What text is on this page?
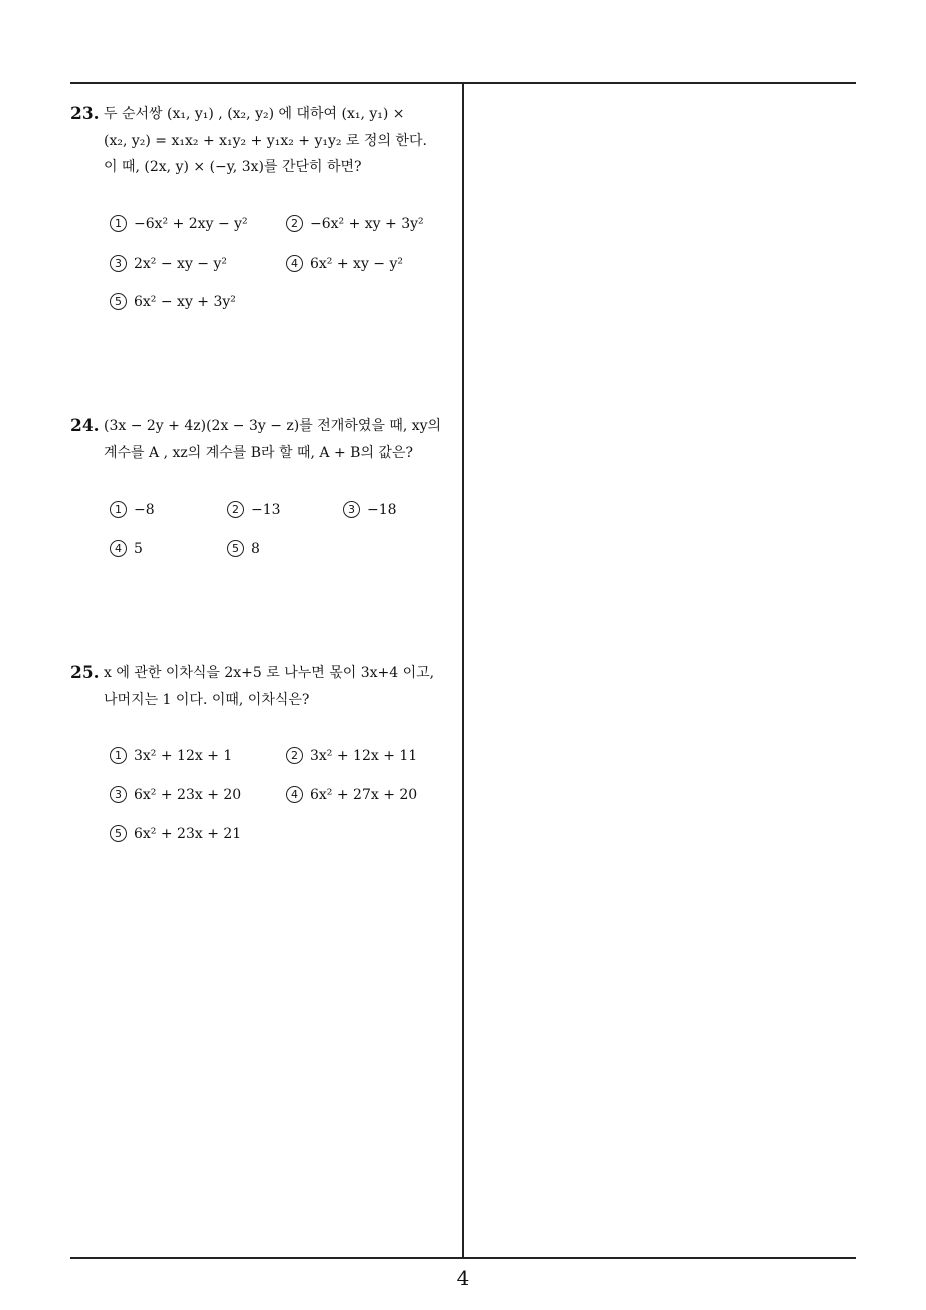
23. 두 순서쌍 (x₁, y₁) , (x₂, y₂) 에 대하여 (x₁, y₁) ×
(x₂, y₂) = x₁x₂ + x₁y₂ + y₁x₂ + y₁y₂ 로 정의 한다.
이 때, (2x, y) × (−y, 3x)를 간단히 하면?
1 −6x² + 2xy − y²	2 −6x² + xy + 3y²
3 2x² − xy − y²	4 6x² + xy − y²
5 6x² − xy + 3y²
24. (3x − 2y + 4z)(2x − 3y − z)를 전개하였을 때, xy의
계수를 A , xz의 계수를 B라 할 때, A + B의 값은?
1 −8	2 −13	3 −18
4 5	5 8
25. x 에 관한 이차식을 2x+5 로 나누면 몫이 3x+4 이고,
나머지는 1 이다. 이때, 이차식은?
1 3x² + 12x + 1	2 3x² + 12x + 11
3 6x² + 23x + 20	4 6x² + 27x + 20
5 6x² + 23x + 21
4
